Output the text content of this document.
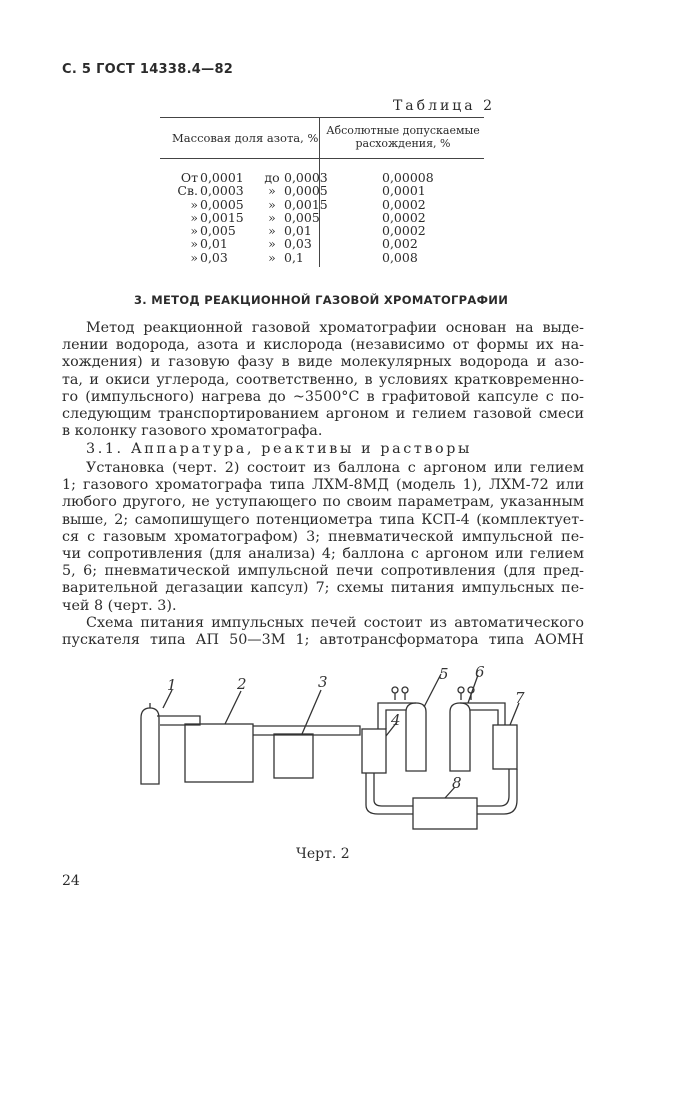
С. 5 ГОСТ 14338.4—82
Таблица 2
Массовая доля азота, %
Абсолютные допускаемые
расхождения, %
От 0,0001	до 0,0003	0,00008
Св. 0,0003	» 0,0005	0,0001
» 0,0005	» 0,0015	0,0002
» 0,0015	» 0,005	0,0002
» 0,005	» 0,01	0,0002
» 0,01	» 0,03	0,002
» 0,03	» 0,1	0,008
3. МЕТОД РЕАКЦИОННОЙ ГАЗОВОЙ ХРОМАТОГРАФИИ
Метод реакционной газовой хроматографии основан на выде-
лении водорода, азота и кислорода (независимо от формы их на-
хождения) и газовую фазу в виде молекулярных водорода и азо-
та, и окиси углерода, соответственно, в условиях кратковременно-
го (импульсного) нагрева до ~3500°С в графитовой капсуле с по-
следующим транспортированием аргоном и гелием газовой смеси
в колонку газового хроматографа.
3.1. Аппаратура, реактивы и растворы
Установка (черт. 2) состоит из баллона с аргоном или гелием
1; газового хроматографа типа ЛХМ-8МД (модель 1), ЛХМ-72 или
любого другого, не уступающего по своим параметрам, указанным
выше, 2; самопишущего потенциометра типа КСП-4 (комплектует-
ся с газовым хроматографом) 3; пневматической импульсной пе-
чи сопротивления (для анализа) 4; баллона с аргоном или гелием
5, 6; пневматической импульсной печи сопротивления (для пред-
варительной дегазации капсул) 7; схемы питания импульсных пе-
чей 8 (черт. 3).
Схема питания импульсных печей состоит из автоматического
пускателя типа АП 50—3М 1; автотрансформатора типа АОМН
1	2	3
4
5 6
7
8
Черт. 2
24
